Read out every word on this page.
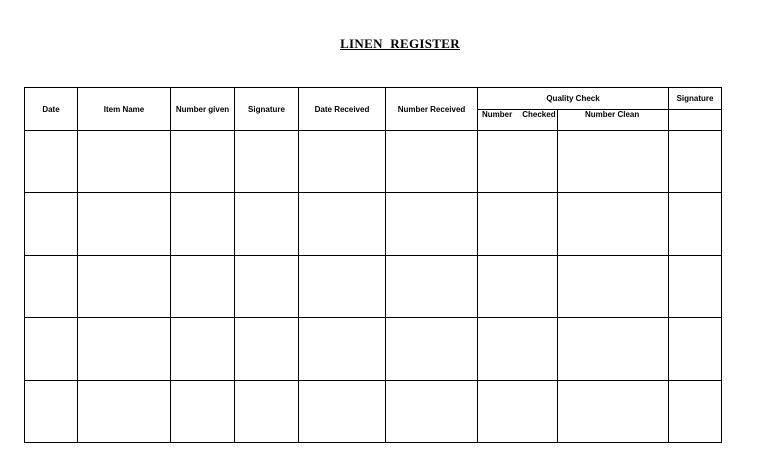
LINEN REGISTER
Date	Item Name	Number given	Signature	Date Received	Number Received	Quality Check		Signature
						Number Checked	Number Clean	
